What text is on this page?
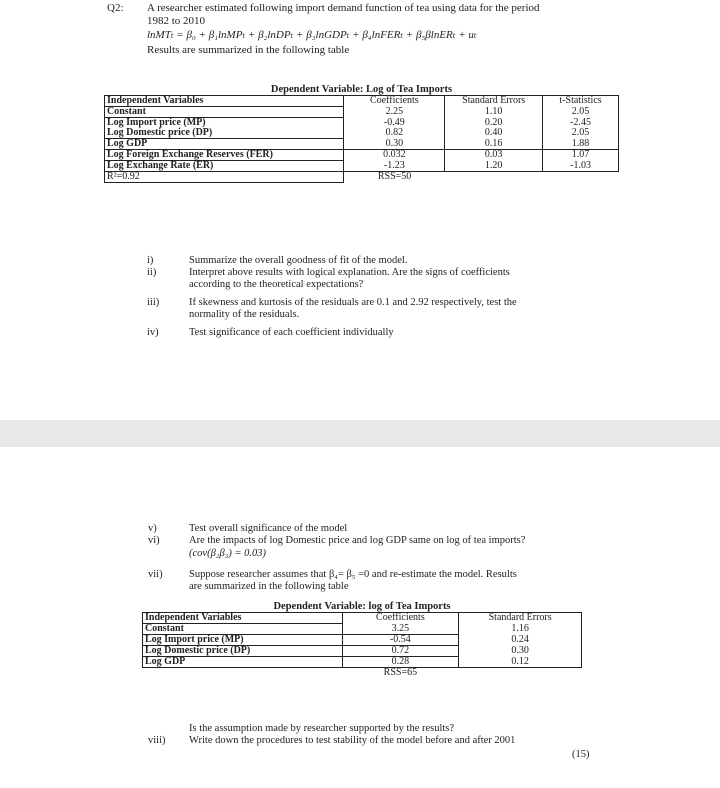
Q2: A researcher estimated following import demand function of tea using data for the period
1982 to 2010
lnMTₜ = β₀ + β₁lnMPₜ + β₂lnDPₜ + β₃lnGDPₜ + β₄lnFERₜ + β₅βlnERₜ + uₜ
Results are summarized in the following table
Dependent Variable: Log of Tea Imports			
Independent Variables	Coefficients	Standard Errors	t-Statistics
Constant	2.25	1.10	2.05
Log Import price (MP)	-0.49	0.20	-2.45
Log Domestic price (DP)	0.82	0.40	2.05
Log GDP	0.30	0.16	1.88
Log Foreign Exchange Reserves (FER)	0.032	0.03	1.07
Log Exchange Rate (ER)	-1.23	1.20	-1.03
R²=0.92	RSS=50		
i)	Summarize the overall goodness of fit of the model.
ii)	Interpret above results with logical explanation. Are the signs of coefficients
according to the theoretical expectations?
iii)	If skewness and kurtosis of the residuals are 0.1 and 2.92 respectively, test the
normality of the residuals.
iv)	Test significance of each coefficient individually
v)	Test overall significance of the model
vi)	Are the impacts of log Domestic price and log GDP same on log of tea imports?
(cov(β₂β₃) = 0.03)
vii)	Suppose researcher assumes that β₄= β₅ =0 and re-estimate the model. Results
are summarized in the following table
Dependent Variable: log of Tea Imports		
Independent Variables	Coefficients	Standard Errors
Constant	3.25	1.16
Log Import price (MP)	-0.54	0.24
Log Domestic price (DP)	0.72	0.30
Log GDP	0.28	0.12
	RSS=65	
Is the assumption made by researcher supported by the results?
viii)	Write down the procedures to test stability of the model before and after 2001
(15)
